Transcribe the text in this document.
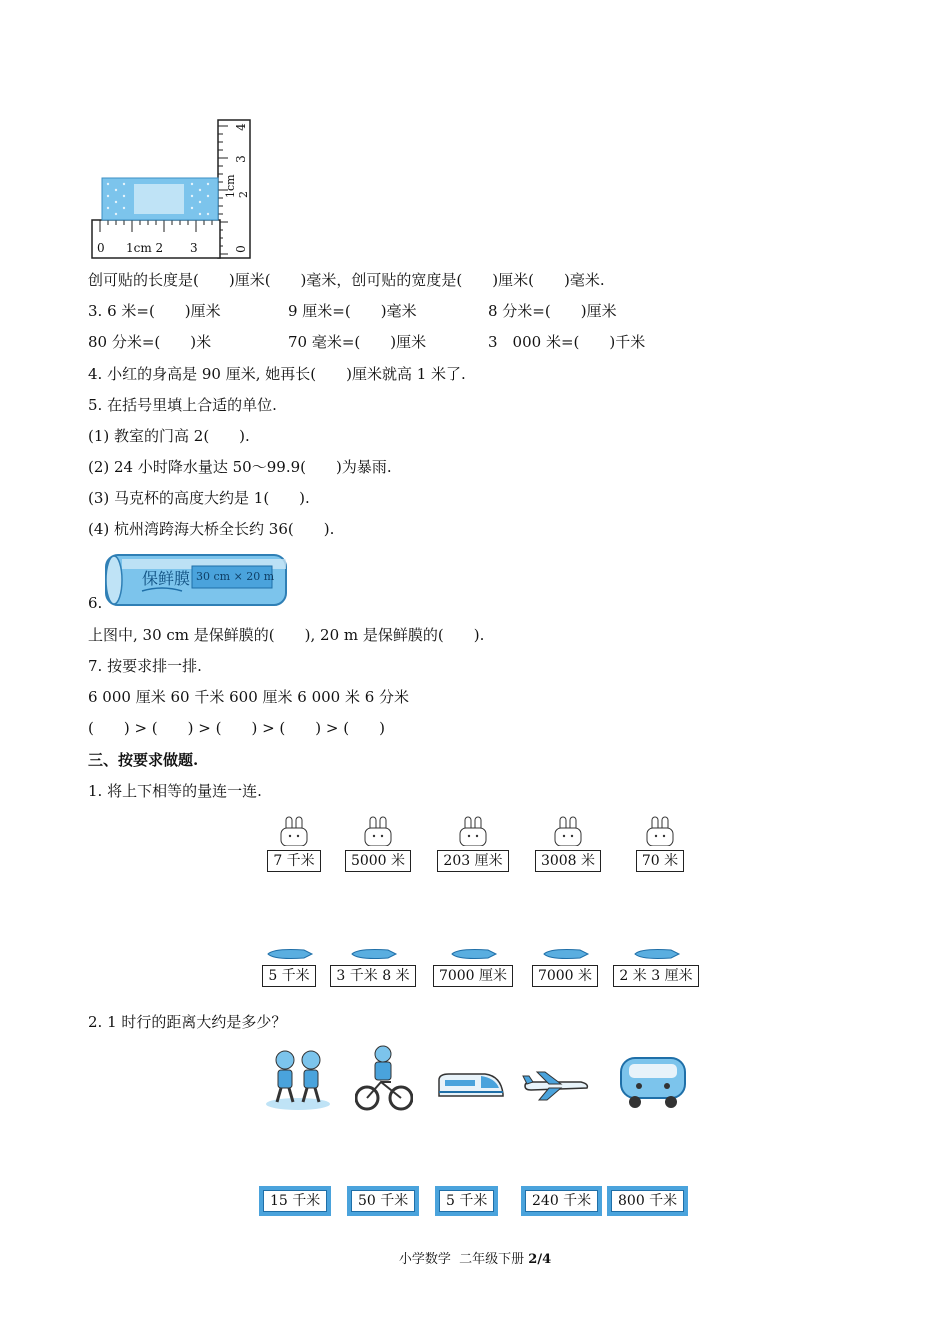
0 1cm 2 3
1cm 2
3
4
0
创可贴的长度是(　　)厘米(　　)毫米，创可贴的宽度是(　　)厘米(　　)毫米.
3. 6 米=(　　)厘米	9 厘米=(　　)毫米	8 分米=(　　)厘米
80 分米=(　　)米	70 毫米=(　　)厘米	3　000 米=(　　)千米
4. 小红的身高是 90 厘米, 她再长(　　)厘米就高 1 米了.
5. 在括号里填上合适的单位.
(1) 教室的门高 2(　　).
(2) 24 小时降水量达 50～99.9(　　)为暴雨.
(3) 马克杯的高度大约是 1(　　).
(4) 杭州湾跨海大桥全长约 36(　　).
6.
保鲜膜 30 cm × 20 m
上图中, 30 cm 是保鲜膜的(　　), 20 m 是保鲜膜的(　　).
7. 按要求排一排.
6 000 厘米 60 千米 600 厘米 6 000 米 6 分米
(　　) > (　　) > (　　) > (　　) > (　　)
三、按要求做题.
1. 将上下相等的量连一连.

7 千米	5000 米	203 厘米	3008 米	70 米

5 千米	3 千米 8 米	7000 厘米	7000 米	2 米 3 厘米
2. 1 时行的距离大约是多少？
15 千米	50 千米	5 千米	240 千米	800 千米
小学数学  二年级下册 2/4
